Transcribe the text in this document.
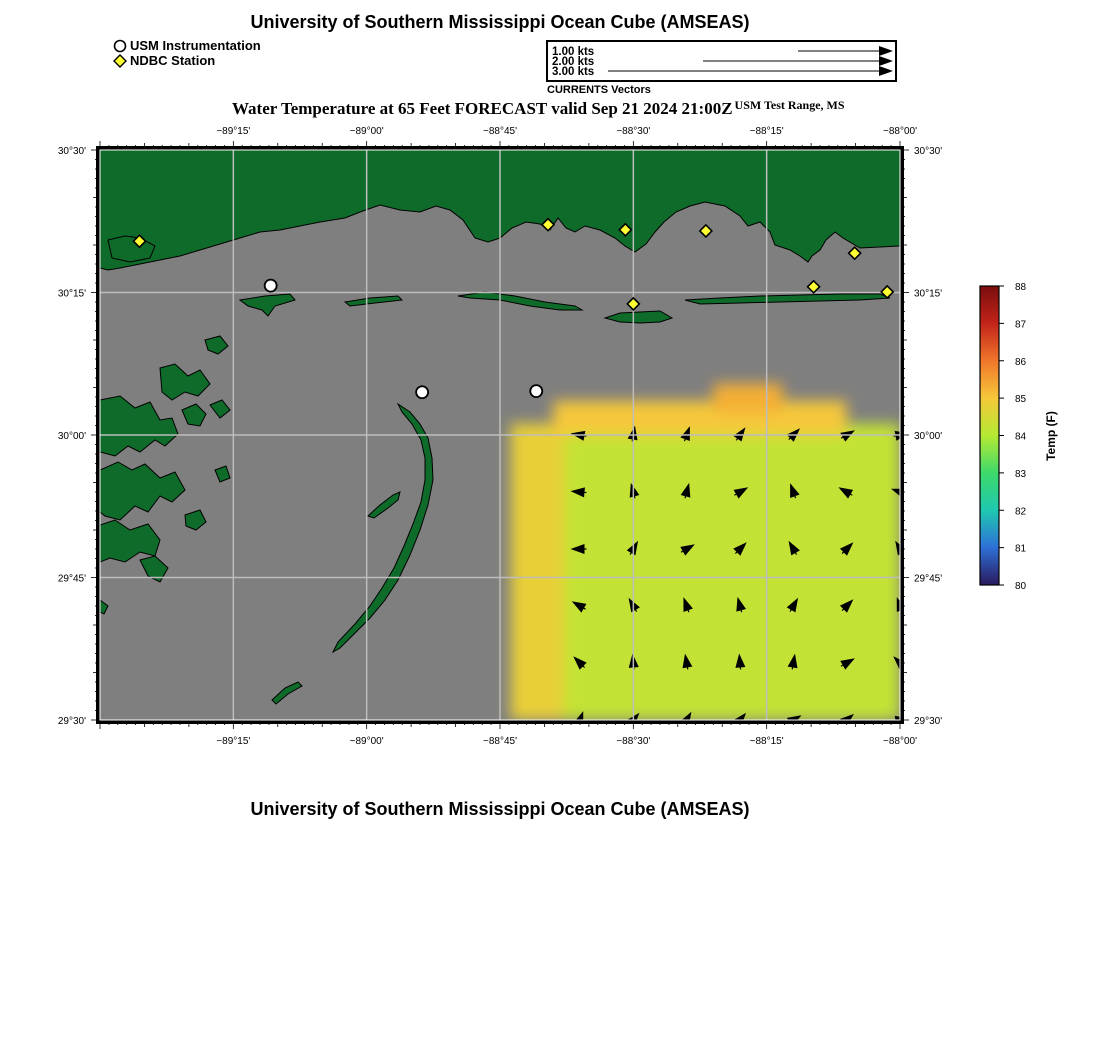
University of Southern Mississippi Ocean Cube (AMSEAS)
USM Instrumentation
NDBC Station
1.00 kts
2.00 kts
3.00 kts
CURRENTS Vectors
Water Temperature at 65 Feet FORECAST valid Sep 21 2024 21:00Z $^{USM Test Range, MS}$
−89°15'
−89°15'
−89°00'
−89°00'
−88°45'
−88°45'
−88°30'
−88°30'
−88°15'
−88°15'
−88°00'
−88°00'
30°30'	30°30'
30°15'	30°15'
30°00'	30°00'
29°45'	29°45'
29°30'	29°30'
80
81
82
83
84
85
86
87
88
Temp (F)
University of Southern Mississippi Ocean Cube (AMSEAS)
